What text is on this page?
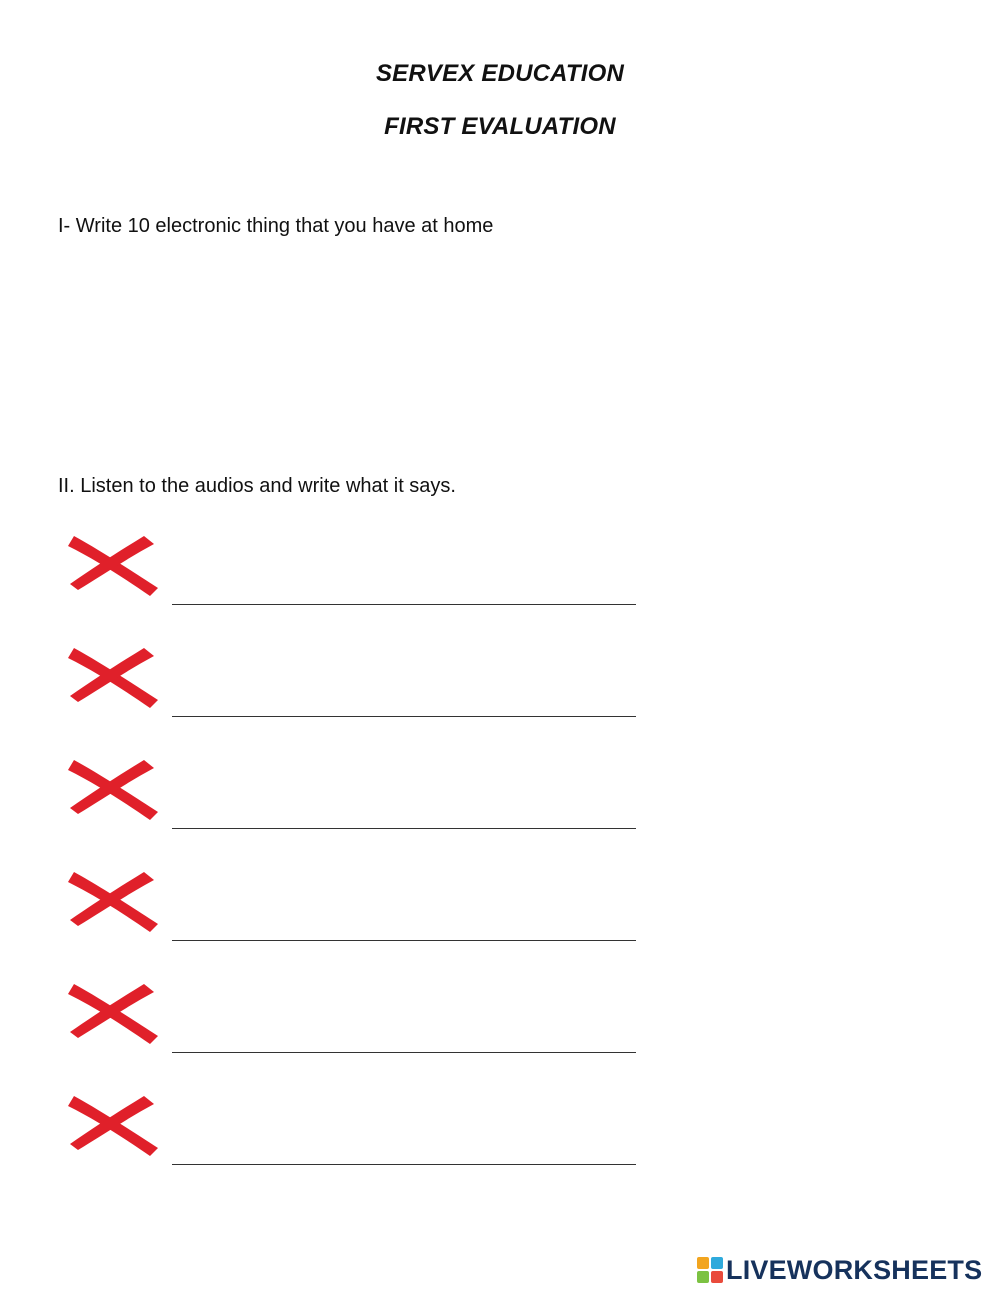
SERVEX EDUCATION
FIRST EVALUATION
I- Write 10 electronic thing that you have at home
II. Listen to the audios and write what it says.
LIVEWORKSHEETS
